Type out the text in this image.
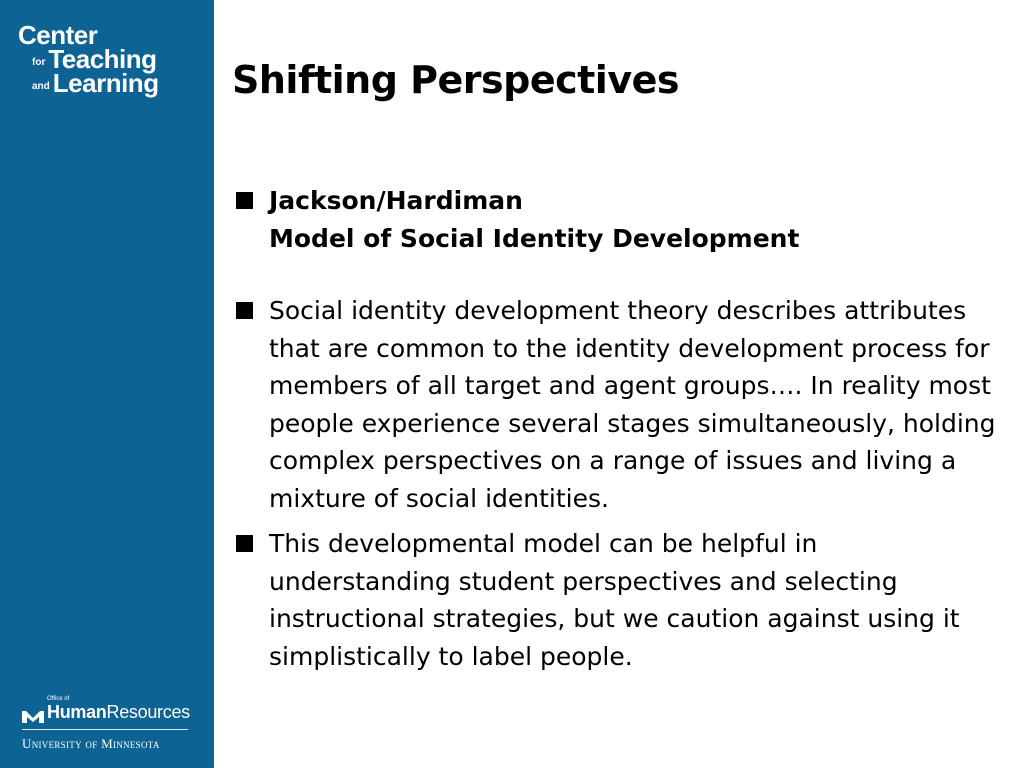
Center
for Teaching
and Learning
Office of
HumanResources
University of Minnesota
Shifting Perspectives
Jackson/Hardiman
Model of Social Identity Development
Social identity development theory describes attributes that are common to the identity development process for members of all target and agent groups…. In reality most people experience several stages simultaneously, holding complex perspectives on a range of issues and living a mixture of social identities.
This developmental model can be helpful in understanding student perspectives and selecting instructional strategies, but we caution against using it simplistically to label people.
